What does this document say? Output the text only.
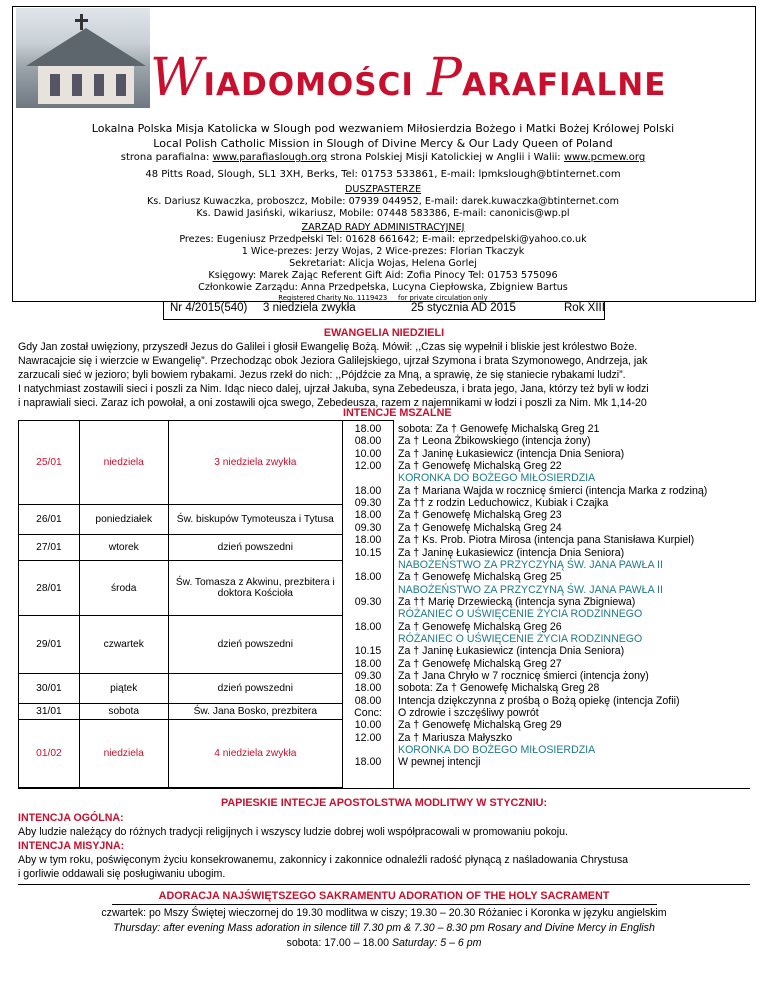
WIADOMOŚCI PARAFIALNE
Lokalna Polska Misja Katolicka w Slough pod wezwaniem Miłosierdzia Bożego i Matki Bożej Królowej Polski
Local Polish Catholic Mission in Slough of Divine Mercy & Our Lady Queen of Poland
strona parafialna: www.parafiaslough.org strona Polskiej Misji Katolickiej w Anglii i Walii: www.pcmew.org
48 Pitts Road, Slough, SL1 3XH, Berks, Tel: 01753 533861, E-mail: lpmkslough@btinternet.com
DUSZPASTERZE
Ks. Dariusz Kuwaczka, proboszcz, Mobile: 07939 044952, E-mail: darek.kuwaczka@btinternet.com
Ks. Dawid Jasiński, wikariusz, Mobile: 07448 583386, E-mail: canonicis@wp.pl
ZARZĄD RADY ADMINISTRACYJNEJ
Prezes: Eugeniusz Przedpełski Tel: 01628 661642; E-mail: eprzedpelski@yahoo.co.uk
1 Wice-prezes: Jerzy Wojas, 2 Wice-prezes: Florian Tkaczyk
Sekretariat: Alicja Wojas, Helena Gorlej
Księgowy: Marek Zając Referent Gift Aid: Zofia Pinocy Tel: 01753 575096
Członkowie Zarządu: Anna Przedpełska, Lucyna Ciepłowska, Zbigniew Bartus
Registered Charity No. 1119423     for private circulation only
Nr 4/2015(540) 3 niedziela zwykła	25 stycznia AD 2015	Rok XIII
EWANGELIA NIEDZIELI
Gdy Jan został uwięziony, przyszedł Jezus do Galilei i głosił Ewangelię Bożą. Mówił: ,,Czas się wypełnił i bliskie jest królestwo Boże.
Nawracajcie się i wierzcie w Ewangelię”. Przechodząc obok Jeziora Galilejskiego, ujrzał Szymona i brata Szymonowego, Andrzeja, jak
zarzucali sieć w jezioro; byli bowiem rybakami. Jezus rzekł do nich: ,,Pójdźcie za Mną, a sprawię, że się staniecie rybakami ludzi”.
I natychmiast zostawili sieci i poszli za Nim. Idąc nieco dalej, ujrzał Jakuba, syna Zebedeusza, i brata jego, Jana, którzy też byli w łodzi
i naprawiali sieci. Zaraz ich powołał, a oni zostawili ojca swego, Zebedeusza, razem z najemnikami w łodzi i poszli za Nim. Mk 1,14-20
INTENCJE MSZALNE
25/01	niedziela	3 niedziela zwykła
26/01	poniedziałek	Św. biskupów Tymoteusza i Tytusa
27/01	wtorek	dzień powszedni
28/01	środa	Św. Tomasza z Akwinu, prezbitera i doktora Kościoła
29/01	czwartek	dzień powszedni
30/01	piątek	dzień powszedni
31/01	sobota	Św. Jana Bosko, prezbitera
01/02	niedziela	4 niedziela zwykła
18.00	sobota: Za † Genowefę Michalską Greg 21
08.00	Za † Leona Żbikowskiego (intencja żony)
10.00	Za † Janinę Łukasiewicz (intencja Dnia Seniora)
12.00	Za † Genowefę Michalską Greg 22
KORONKA DO BOŻEGO MIŁOSIERDZIA
18.00	Za † Mariana Wajda w rocznicę śmierci (intencja Marka z rodziną)
09.30	Za †† z rodzin Leduchowicz, Kubiak i Czajka
18.00	Za † Genowefę Michalską Greg 23
09.30	Za † Genowefę Michalską Greg 24
18.00	Za † Ks. Prob. Piotra Mirosa (intencja pana Stanisława Kurpiel)
10.15	Za † Janinę Łukasiewicz (intencja Dnia Seniora)
NABOŻEŃSTWO ZA PRZYCZYNĄ ŚW. JANA PAWŁA II
18.00	Za † Genowefę Michalską Greg 25
NABOŻEŃSTWO ZA PRZYCZYNĄ ŚW. JANA PAWŁA II
09.30	Za †† Marię Drzewiecką (intencja syna Zbigniewa)
RÓŻANIEC O UŚWIĘCENIE ŻYCIA RODZINNEGO
18.00	Za † Genowefę Michalską Greg 26
RÓŻANIEC O UŚWIĘCENIE ŻYCIA RODZINNEGO
10.15	Za † Janinę Łukasiewicz (intencja Dnia Seniora)
18.00	Za † Genowefę Michalską Greg 27
09.30	Za † Jana Chryło w 7 rocznicę śmierci (intencja żony)
18.00	sobota: Za † Genowefę Michalską Greg 28
08.00	Intencja dziękczynna z prośbą o Bożą opiekę (intencja Zofii)
Conc:	O zdrowie i szczęśliwy powrót
10.00	Za † Genowefę Michalską Greg 29
12.00	Za † Mariusza Małyszko
KORONKA DO BOŻEGO MIŁOSIERDZIA
18.00	W pewnej intencji
PAPIESKIE INTECJE APOSTOLSTWA MODLITWY W STYCZNIU:
INTENCJA OGÓLNA:
Aby ludzie należący do różnych tradycji religijnych i wszyscy ludzie dobrej woli współpracowali w promowaniu pokoju.
INTENCJA MISYJNA:
Aby w tym roku, poświęconym życiu konsekrowanemu, zakonnicy i zakonnice odnaleźli radość płynącą z naśladowania Chrystusa
i gorliwie oddawali się posługiwaniu ubogim.
ADORACJA NAJŚWIĘTSZEGO SAKRAMENTU ADORATION OF THE HOLY SACRAMENT
czwartek: po Mszy Świętej wieczornej do 19.30 modlitwa w ciszy; 19.30 – 20.30 Różaniec i Koronka w języku angielskim
Thursday: after evening Mass adoration in silence till 7.30 pm & 7.30 – 8.30 pm Rosary and Divine Mercy in English
sobota: 17.00 – 18.00 Saturday: 5 – 6 pm
